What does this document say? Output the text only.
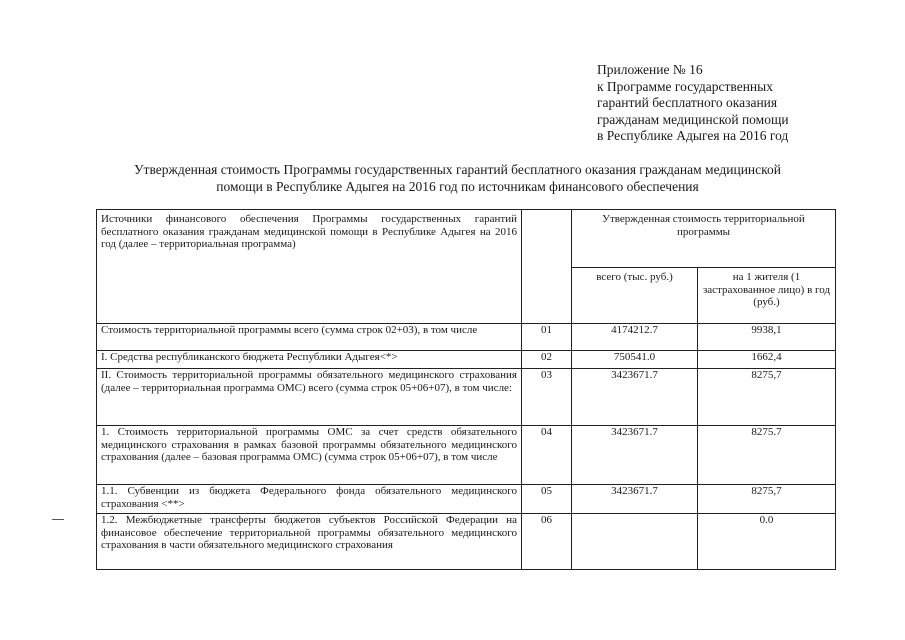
Приложение № 16
к Программе государственных
гарантий бесплатного оказания
гражданам медицинской помощи
в Республике Адыгея на 2016 год
Утвержденная стоимость Программы государственных гарантий бесплатного оказания гражданам медицинской
помощи в Республике Адыгея на 2016 год по источникам финансового обеспечения
Источники финансового обеспечения Программы государственных гарантий бесплатного оказания гражданам медицинской помощи в Республике Адыгея на 2016 год (далее – территориальная программа)		Утвержденная стоимость территориальной программы	
		всего (тыс. руб.)	на 1 жителя (1 застрахованное лицо) в год (руб.)
Стоимость территориальной программы всего (сумма строк 02+03), в том числе	01	4174212.7	9938,1
I. Средства республиканского бюджета Республики Адыгея<*>	02	750541.0	1662,4
II. Стоимость территориальной программы обязательного медицинского страхования (далее – территориальная программа ОМС) всего (сумма строк 05+06+07), в том числе:	03	3423671.7	8275,7
1. Стоимость территориальной программы ОМС за счет средств обязательного медицинского страхования в рамках базовой программы обязательного медицинского страхования (далее – базовая программа ОМС) (сумма строк 05+06+07), в том числе	04	3423671.7	8275.7
1.1. Субвенции из бюджета Федерального фонда обязательного медицинского страхования <**>	05	3423671.7	8275,7
1.2. Межбюджетные трансферты бюджетов субъектов Российской Федерации на финансовое обеспечение территориальной программы обязательного медицинского страхования в части обязательного медицинского страхования	06		0.0
